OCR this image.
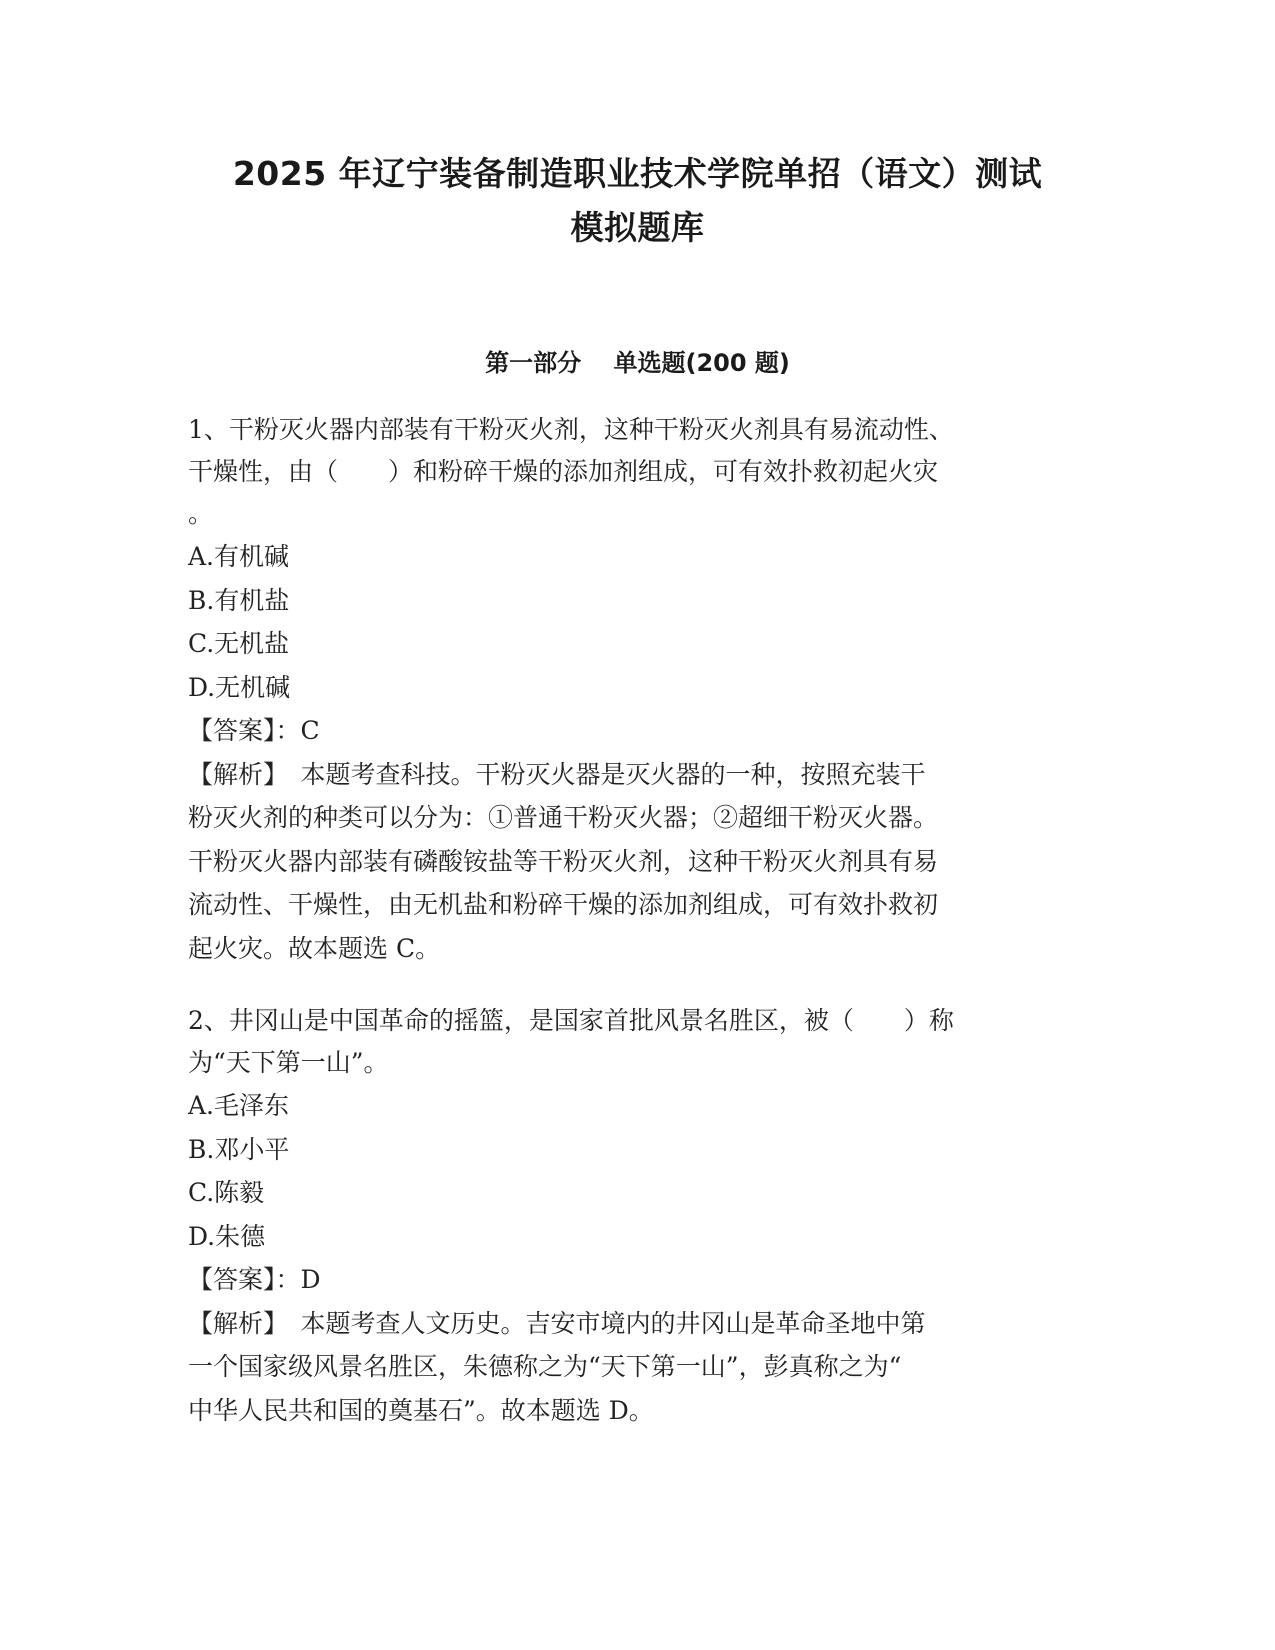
2025 年辽宁装备制造职业技术学院单招（语文）测试
模拟题库
第一部分　 单选题(200 题)
1、干粉灭火器内部装有干粉灭火剂，这种干粉灭火剂具有易流动性、
干燥性，由（　　）和粉碎干燥的添加剂组成，可有效扑救初起火灾
。
A.有机碱
B.有机盐
C.无机盐
D.无机碱
【答案】：C
【解析】　本题考查科技。干粉灭火器是灭火器的一种，按照充装干
粉灭火剂的种类可以分为：①普通干粉灭火器；②超细干粉灭火器。
干粉灭火器内部装有磷酸铵盐等干粉灭火剂，这种干粉灭火剂具有易
流动性、干燥性，由无机盐和粉碎干燥的添加剂组成，可有效扑救初
起火灾。故本题选 C。
2、井冈山是中国革命的摇篮，是国家首批风景名胜区，被（　　）称
为“天下第一山”。
A.毛泽东
B.邓小平
C.陈毅
D.朱德
【答案】：D
【解析】　本题考查人文历史。吉安市境内的井冈山是革命圣地中第
一个国家级风景名胜区，朱德称之为“天下第一山”，彭真称之为“
中华人民共和国的奠基石”。故本题选 D。
